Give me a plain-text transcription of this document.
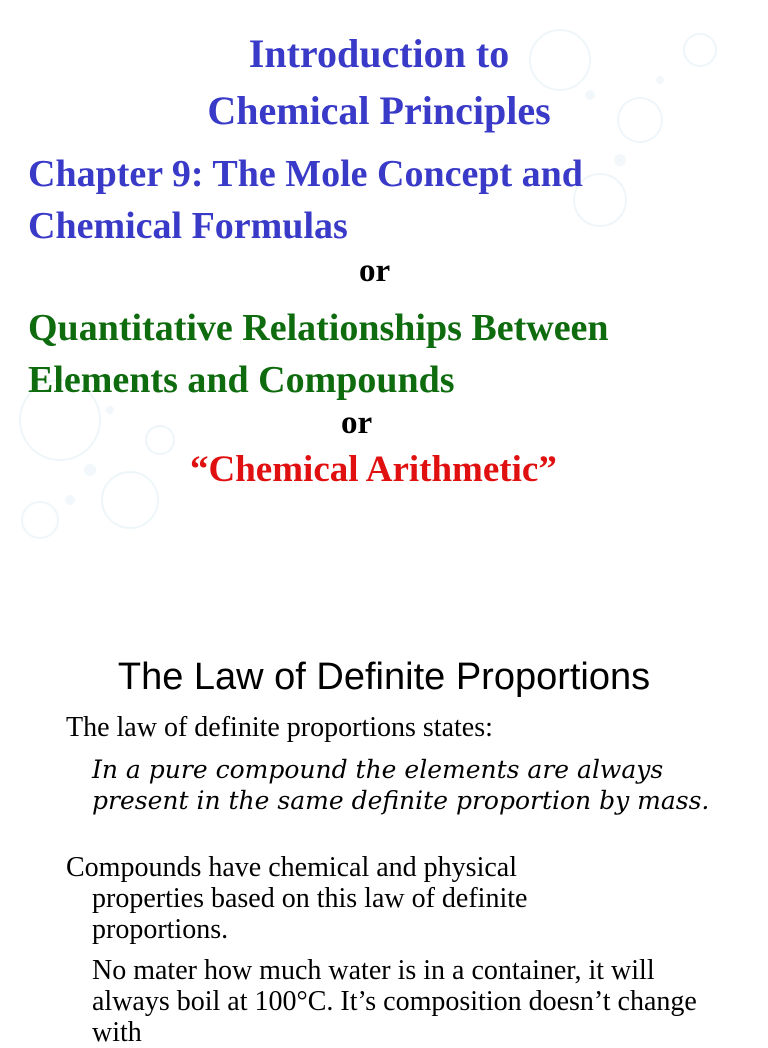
Introduction to
Chemical Principles
Chapter 9: The Mole Concept and
Chemical Formulas
or
Quantitative Relationships Between
Elements and Compounds
or
“Chemical Arithmetic”
The Law of Definite Proportions
The law of definite proportions states:
In a pure compound the elements are always present in the same definite proportion by mass.
Compounds have chemical and physical properties based on this law of definite proportions.
No mater how much water is in a container, it will always boil at 100°C. It’s composition doesn’t change with
